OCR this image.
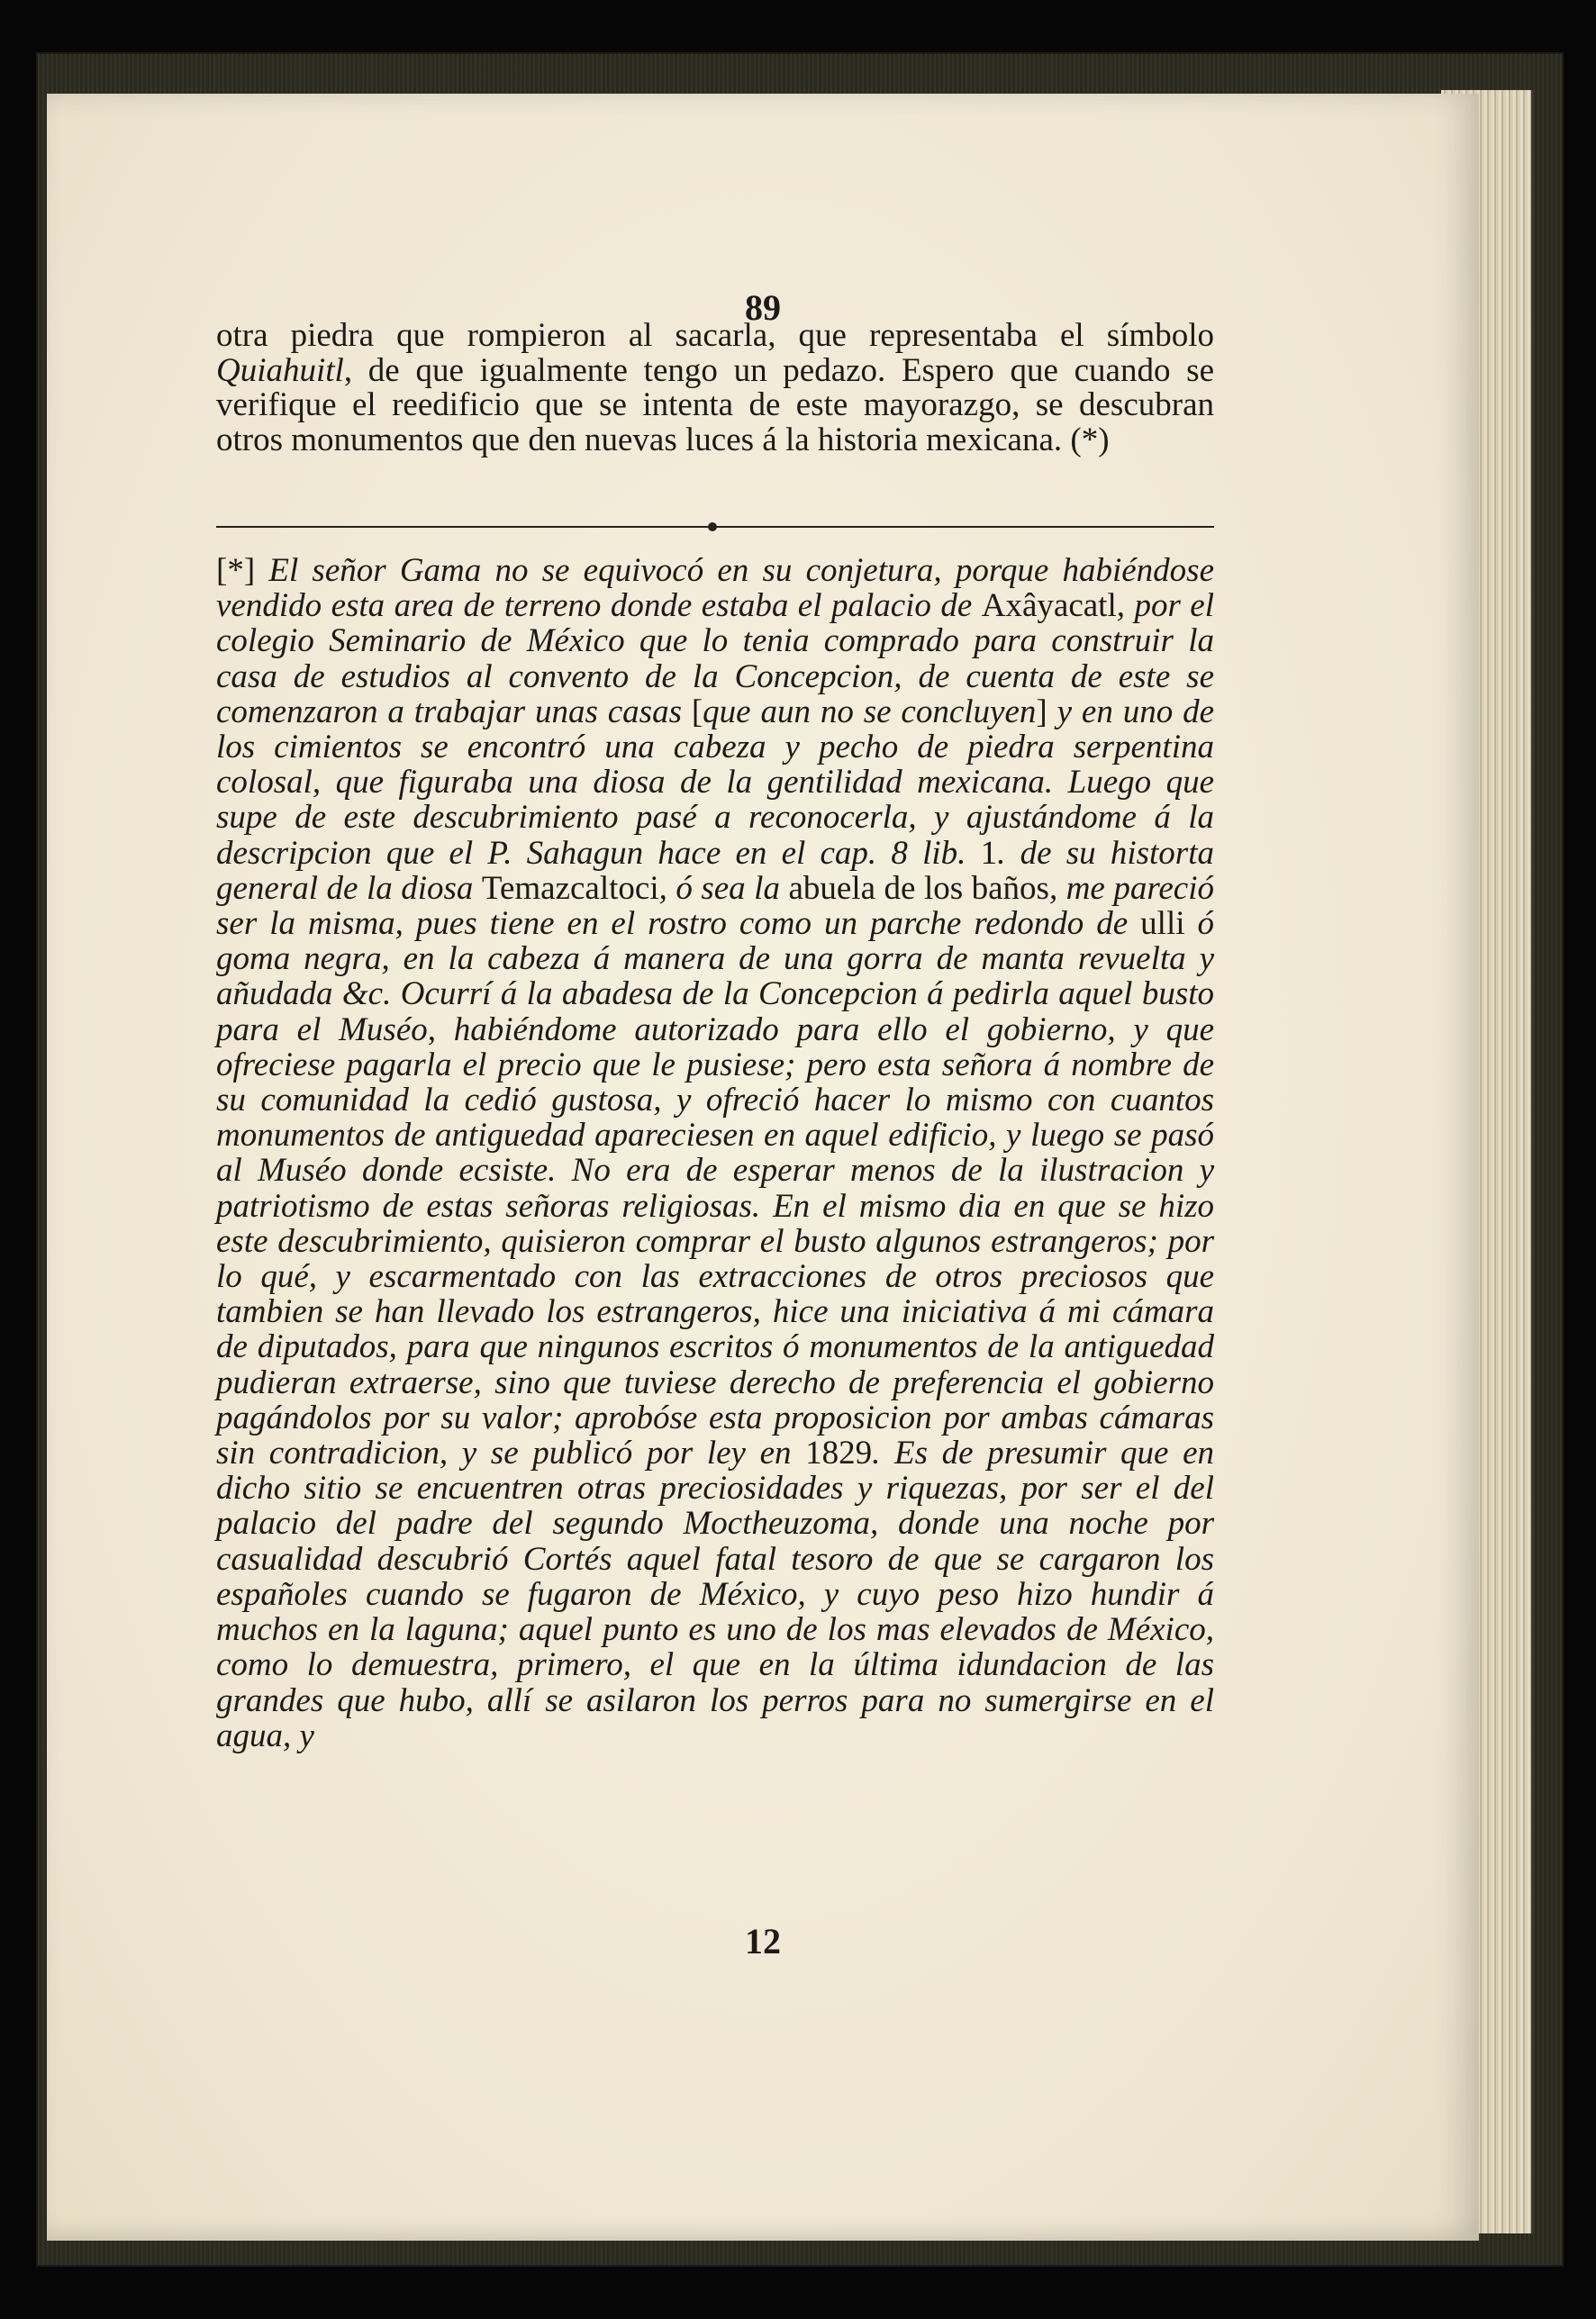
89

otra piedra que rompieron al sacarla, que representaba el símbolo Quiahuitl, de que igualmente tengo un pedazo. Espero que cuando se verifique el reedificio que se intenta de este mayorazgo, se descubran otros monumentos que den nuevas luces á la historia mexicana. (*)

[*] El señor Gama no se equivocó en su conjetura, porque habiéndose vendido esta area de terreno donde estaba el palacio de Axâyacatl, por el colegio Seminario de México que lo tenia comprado para construir la casa de estudios al convento de la Concepcion, de cuenta de este se comenzaron a trabajar unas casas [que aun no se concluyen] y en uno de los cimientos se encontró una cabeza y pecho de piedra serpentina colosal, que figuraba una diosa de la gentilidad mexicana. Luego que supe de este descubrimiento pasé a reconocerla, y ajustándome á la descripcion que el P. Sahagun hace en el cap. 8 lib. 1. de su historta general de la diosa Temazcaltoci, ó sea la abuela de los baños, me pareció ser la misma, pues tiene en el rostro como un parche redondo de ulli ó goma negra, en la cabeza á manera de una gorra de manta revuelta y añudada &c. Ocurrí á la abadesa de la Concepcion á pedirla aquel busto para el Muséo, habiéndome autorizado para ello el gobierno, y que ofreciese pagarla el precio que le pusiese; pero esta señora á nombre de su comunidad la cedió gustosa, y ofreció hacer lo mismo con cuantos monumentos de antiguedad apareciesen en aquel edificio, y luego se pasó al Muséo donde ecsiste. No era de esperar menos de la ilustracion y patriotismo de estas señoras religiosas. En el mismo dia en que se hizo este descubrimiento, quisieron comprar el busto algunos estrangeros; por lo qué, y escarmentado con las extracciones de otros preciosos que tambien se han llevado los estrangeros, hice una iniciativa á mi cámara de diputados, para que ningunos escritos ó monumentos de la antiguedad pudieran extraerse, sino que tuviese derecho de preferencia el gobierno pagándolos por su valor; aprobóse esta proposicion por ambas cámaras sin contradicion, y se publicó por ley en 1829. Es de presumir que en dicho sitio se encuentren otras preciosidades y riquezas, por ser el del palacio del padre del segundo Moctheuzoma, donde una noche por casualidad descubrió Cortés aquel fatal tesoro de que se cargaron los españoles cuando se fugaron de México, y cuyo peso hizo hundir á muchos en la laguna; aquel punto es uno de los mas elevados de México, como lo demuestra, primero, el que en la última idundacion de las grandes que hubo, allí se asilaron los perros para no sumergirse en el agua, y

12
